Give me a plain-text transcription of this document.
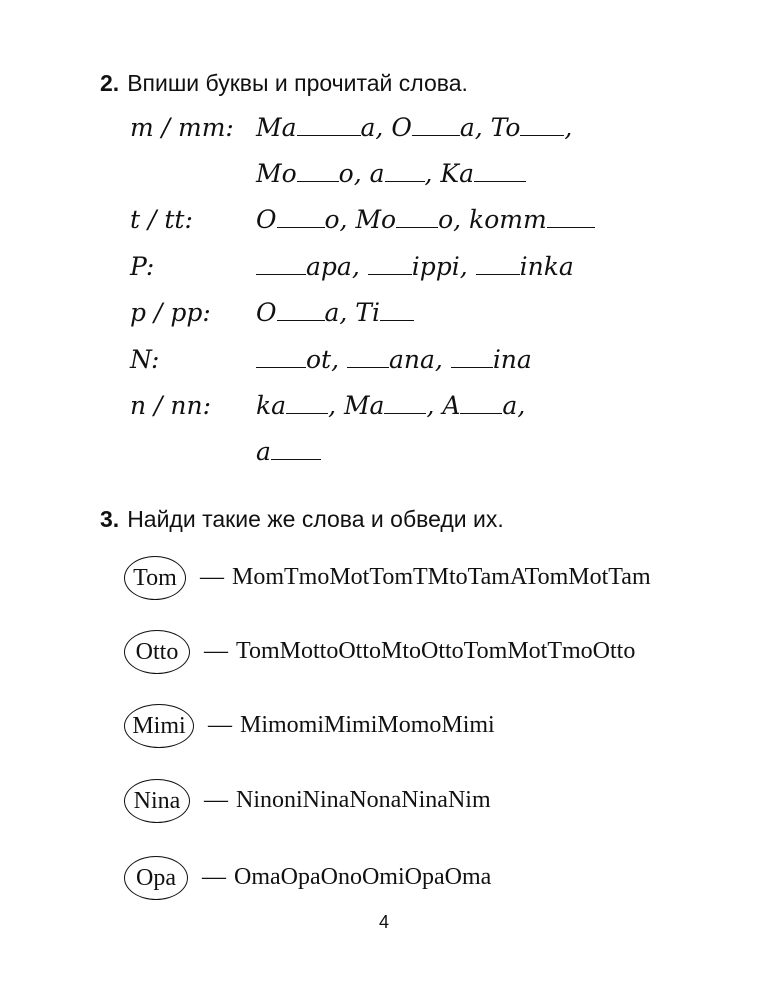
2. Впиши буквы и прочитай слова.
m / mm: Ma	a, O a, To ,
Mo o, a , Ka
t / tt:	O o, Mo o, komm
P:	apa, ippi, inka
p / pp: O a, Ti
N:	ot, ana, ina
n / nn: ka , Ma , A a,
a
3. Найди такие же слова и обведи их.
Tom — MomTmoMotTomTMtoTamATomMotTam
Otto	— TomMottoOttoMtoOttoTomMotTmoOtto
Mimi — MimomiMimiMomoMimi
Nina — NinoniNinaNonaNinaNim
Opa	— OmaOpaOnoOmiOpaOma
4
